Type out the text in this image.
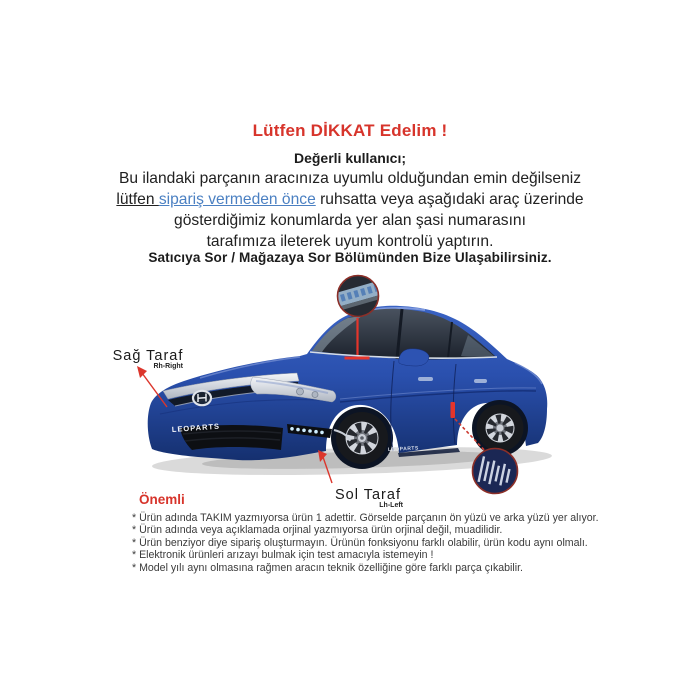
Lütfen DİKKAT Edelim !
Değerli kullanıcı;
Bu ilandaki parçanın aracınıza uyumlu olduğundan emin değilseniz
lütfen sipariş vermeden önce ruhsatta veya aşağıdaki araç üzerinde
gösterdiğimiz konumlarda yer alan şasi numarasını
tarafımıza ileterek uyum kontrolü yaptırın.
Satıcıya Sor / Mağazaya Sor Bölümünden Bize Ulaşabilirsiniz.
LEOPARTS
LEOPARTS
Sağ Taraf
Rh-Right
Sol Taraf
Lh-Left
Önemli
* Ürün adında TAKIM yazmıyorsa ürün 1 adettir. Görselde parçanın ön yüzü ve arka yüzü yer alıyor.
* Ürün adında veya açıklamada orjinal yazmıyorsa ürün orjinal değil, muadilidir.
* Ürün benziyor diye sipariş oluşturmayın. Ürünün fonksiyonu farklı olabilir, ürün kodu aynı olmalı.
* Elektronik ürünleri arızayı bulmak için test amacıyla istemeyin !
* Model yılı aynı olmasına rağmen aracın teknik özelliğine göre farklı parça çıkabilir.
